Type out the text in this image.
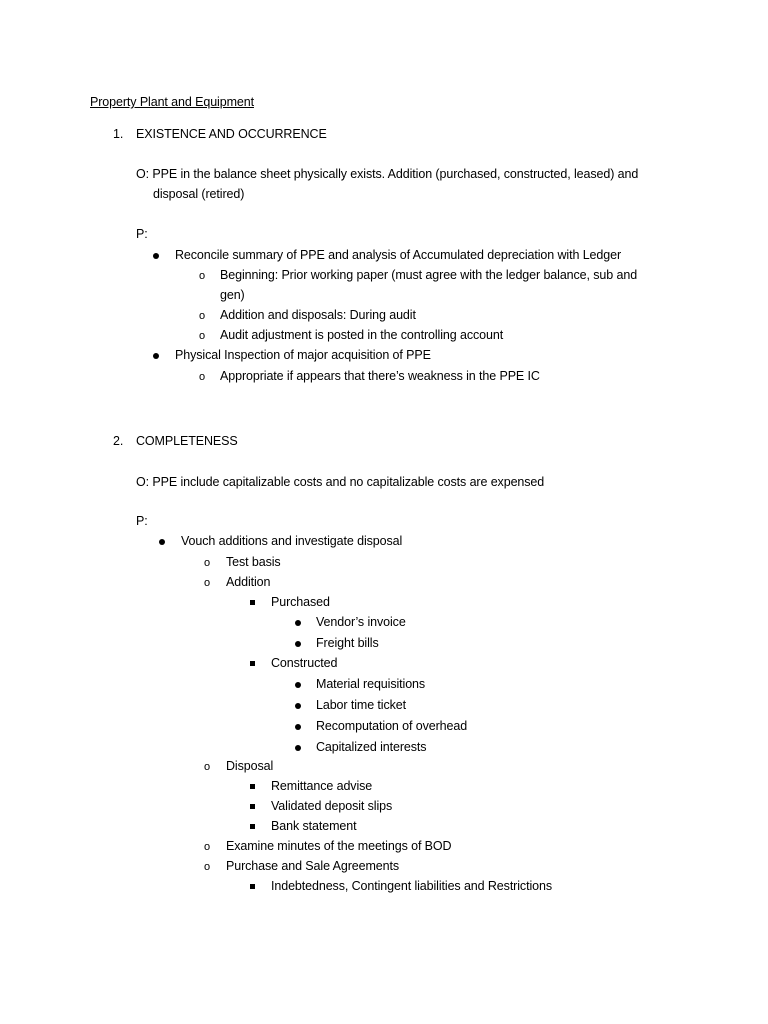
Property Plant and Equipment
1. EXISTENCE AND OCCURRENCE
O: PPE in the balance sheet physically exists. Addition (purchased, constructed, leased) and
disposal (retired)
P:
Reconcile summary of PPE and analysis of Accumulated depreciation with Ledger
o	Beginning: Prior working paper (must agree with the ledger balance, sub and
gen)
o	Addition and disposals: During audit
o	Audit adjustment is posted in the controlling account
Physical Inspection of major acquisition of PPE
o	Appropriate if appears that there’s weakness in the PPE IC
2. COMPLETENESS
O: PPE include capitalizable costs and no capitalizable costs are expensed
P:
Vouch additions and investigate disposal
o	Test basis
o	Addition
Purchased
Vendor’s invoice
Freight bills
Constructed
Material requisitions
Labor time ticket
Recomputation of overhead
Capitalized interests
o	Disposal
Remittance advise
Validated deposit slips
Bank statement
o	Examine minutes of the meetings of BOD
o	Purchase and Sale Agreements
Indebtedness, Contingent liabilities and Restrictions
